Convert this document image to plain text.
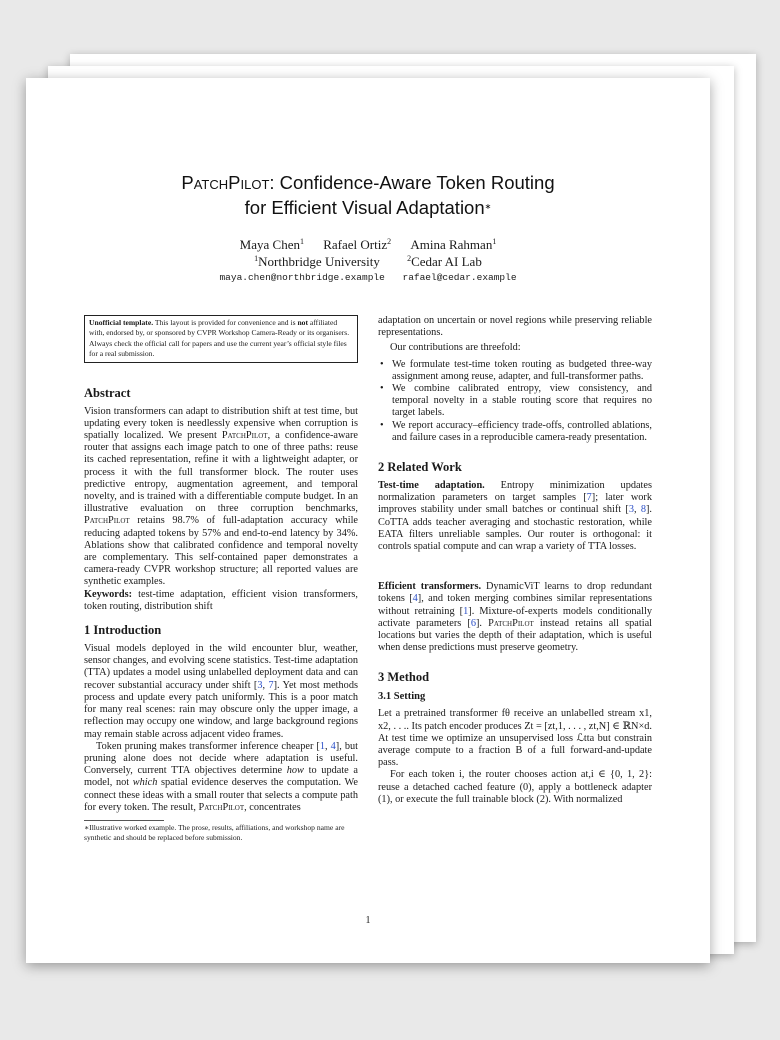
PatchPilot: Confidence-Aware Token Routing
for Efficient Visual Adaptation∗
Maya Chen$^1$ Rafael Ortiz$^2$ Amina Rahman$^1$
$^1$Northbridge University	$^2$Cedar AI Lab
maya.chen@northbridge.example rafael@cedar.example
Unofficial template. This layout is provided for convenience and is not affiliated with, endorsed by, or sponsored by CVPR Workshop Camera-Ready or its organisers. Always check the official call for papers and use the current year’s official style files for a real submission.
Abstract

Vision transformers can adapt to distribution shift at test time, but updating every token is needlessly expensive when corruption is spatially localized. We present PatchPilot, a confidence-aware router that assigns each image patch to one of three paths: reuse its cached representation, refine it with a lightweight adapter, or process it with the full transformer block. The router uses predictive entropy, augmentation agreement, and temporal novelty, and is trained with a differentiable compute budget. In an illustrative evaluation on three corruption benchmarks, PatchPilot retains 98.7% of full-adaptation accuracy while reducing adapted tokens by 57% and end-to-end latency by 34%. Ablations show that calibrated confidence and temporal novelty are complementary. This self-contained paper demonstrates a camera-ready CVPR workshop structure; all reported values are synthetic examples.

Keywords: test-time adaptation, efficient vision transformers, token routing, distribution shift

1 Introduction

Visual models deployed in the wild encounter blur, weather, sensor changes, and evolving scene statistics. Test-time adaptation (TTA) updates a model using unlabelled deployment data and can recover substantial accuracy under shift [3, 7]. Yet most methods process and update every patch uniformly. This is a poor match for many real scenes: rain may obscure only the upper image, a reflection may occupy one window, and large background regions may remain stable across adjacent video frames.

Token pruning makes transformer inference cheaper [1, 4], but pruning alone does not decide where adaptation is useful. Conversely, current TTA objectives determine how to update a model, not which spatial evidence deserves the computation. We connect these ideas with a small router that selects a compute path for every token. The result, PatchPilot, concentrates

∗Illustrative worked example. The prose, results, affiliations, and workshop name are synthetic and should be replaced before submission.

adaptation on uncertain or novel regions while preserving reliable representations.

Our contributions are threefold:

• We formulate test-time token routing as budgeted three-way assignment among reuse, adapter, and full-transformer paths.
• We combine calibrated entropy, view consistency, and temporal novelty in a stable routing score that requires no target labels.
• We report accuracy–efficiency trade-offs, controlled ablations, and failure cases in a reproducible camera-ready presentation.
2 Related Work

Test-time adaptation. Entropy minimization updates normalization parameters on target samples [7]; later work improves stability under small batches or continual shift [3, 8]. CoTTA adds teacher averaging and stochastic restoration, while EATA filters unreliable samples. Our router is orthogonal: it controls spatial compute and can wrap a variety of TTA losses.

Efficient transformers. DynamicViT learns to drop redundant tokens [4], and token merging combines similar representations without retraining [1]. Mixture-of-experts models conditionally activate parameters [6]. PatchPilot instead retains all spatial locations but varies the depth of their adaptation, which is useful when dense predictions must preserve geometry.

3 Method
3.1 Setting

Let a pretrained transformer fθ receive an unlabelled stream x1, x2, . . .. Its patch encoder produces Zt = [zt,1, . . . , zt,N] ∈ ℝN×d. At test time we optimize an unsupervised loss ℒtta but constrain average compute to a fraction B of a full forward-and-update pass.

For each token i, the router chooses action at,i ∈ {0, 1, 2}: reuse a detached cached feature (0), apply a bottleneck adapter (1), or execute the full trainable block (2). With normalized

1
